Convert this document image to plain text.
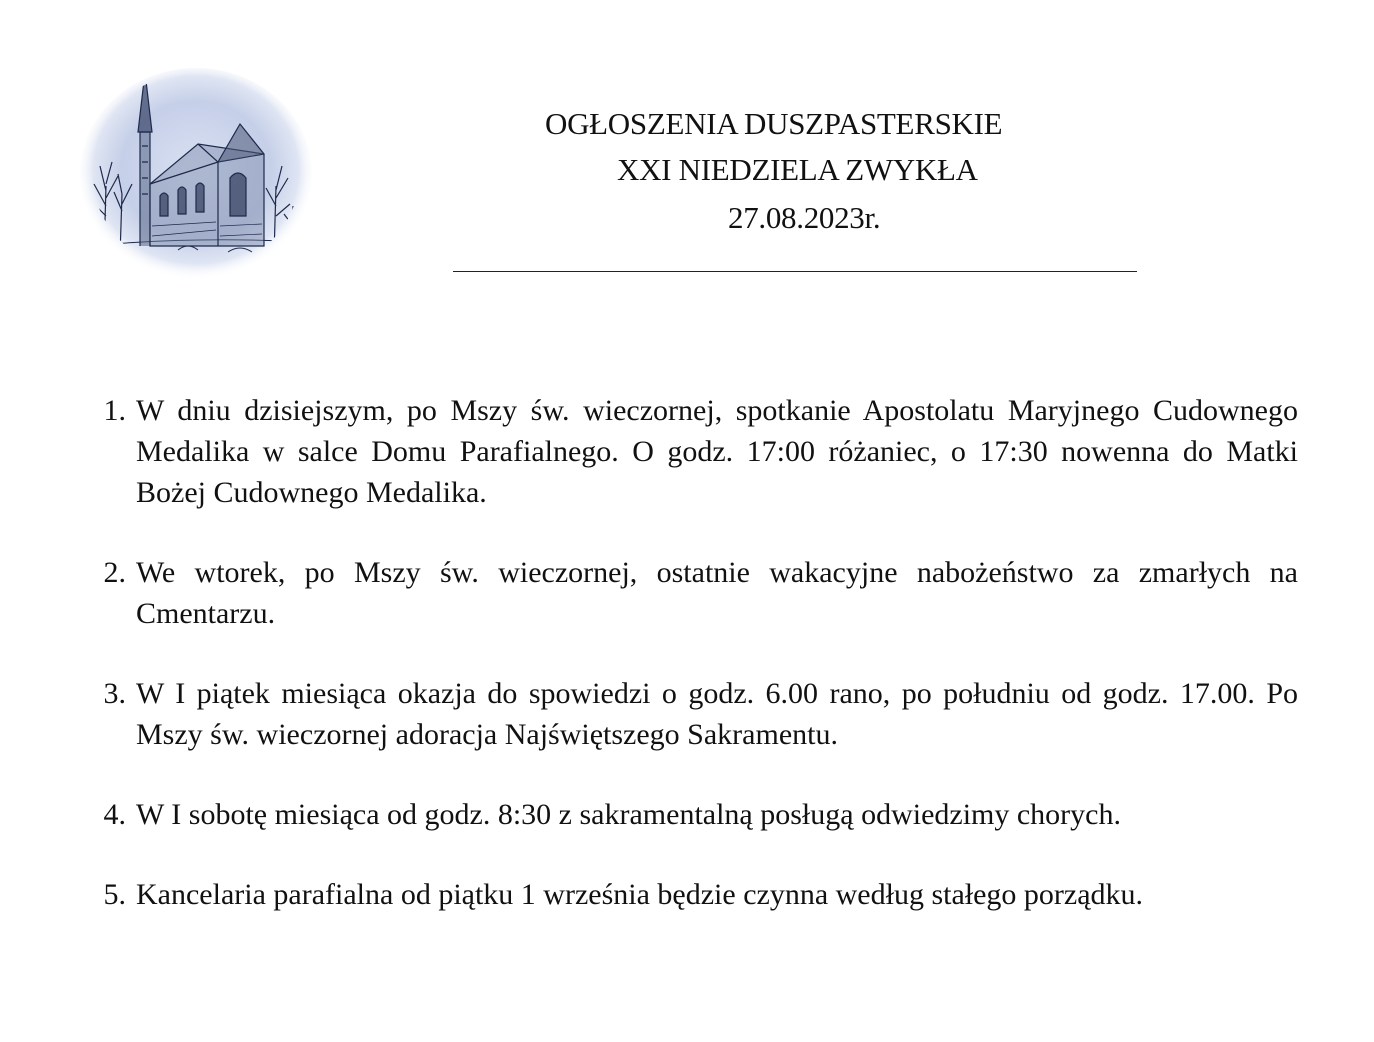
OGŁOSZENIA DUSZPASTERSKIE
XXI NIEDZIELA ZWYKŁA
27.08.2023r.
1. W dniu dzisiejszym, po Mszy św. wieczornej, spotkanie Apostolatu Maryjnego Cudownego Medalika w salce Domu Parafialnego. O godz. 17:00 różaniec, o 17:30 nowenna do Matki Bożej Cudownego Medalika.
2. We wtorek, po Mszy św. wieczornej, ostatnie wakacyjne nabożeństwo za zmarłych na Cmentarzu.
3. W I piątek miesiąca okazja do spowiedzi o godz. 6.00 rano, po południu od godz. 17.00. Po Mszy św. wieczornej adoracja Najświętszego Sakramentu.
4. W I sobotę miesiąca od godz. 8:30 z sakramentalną posługą odwiedzimy chorych.
5. Kancelaria parafialna od piątku 1 września będzie czynna według stałego porządku.
